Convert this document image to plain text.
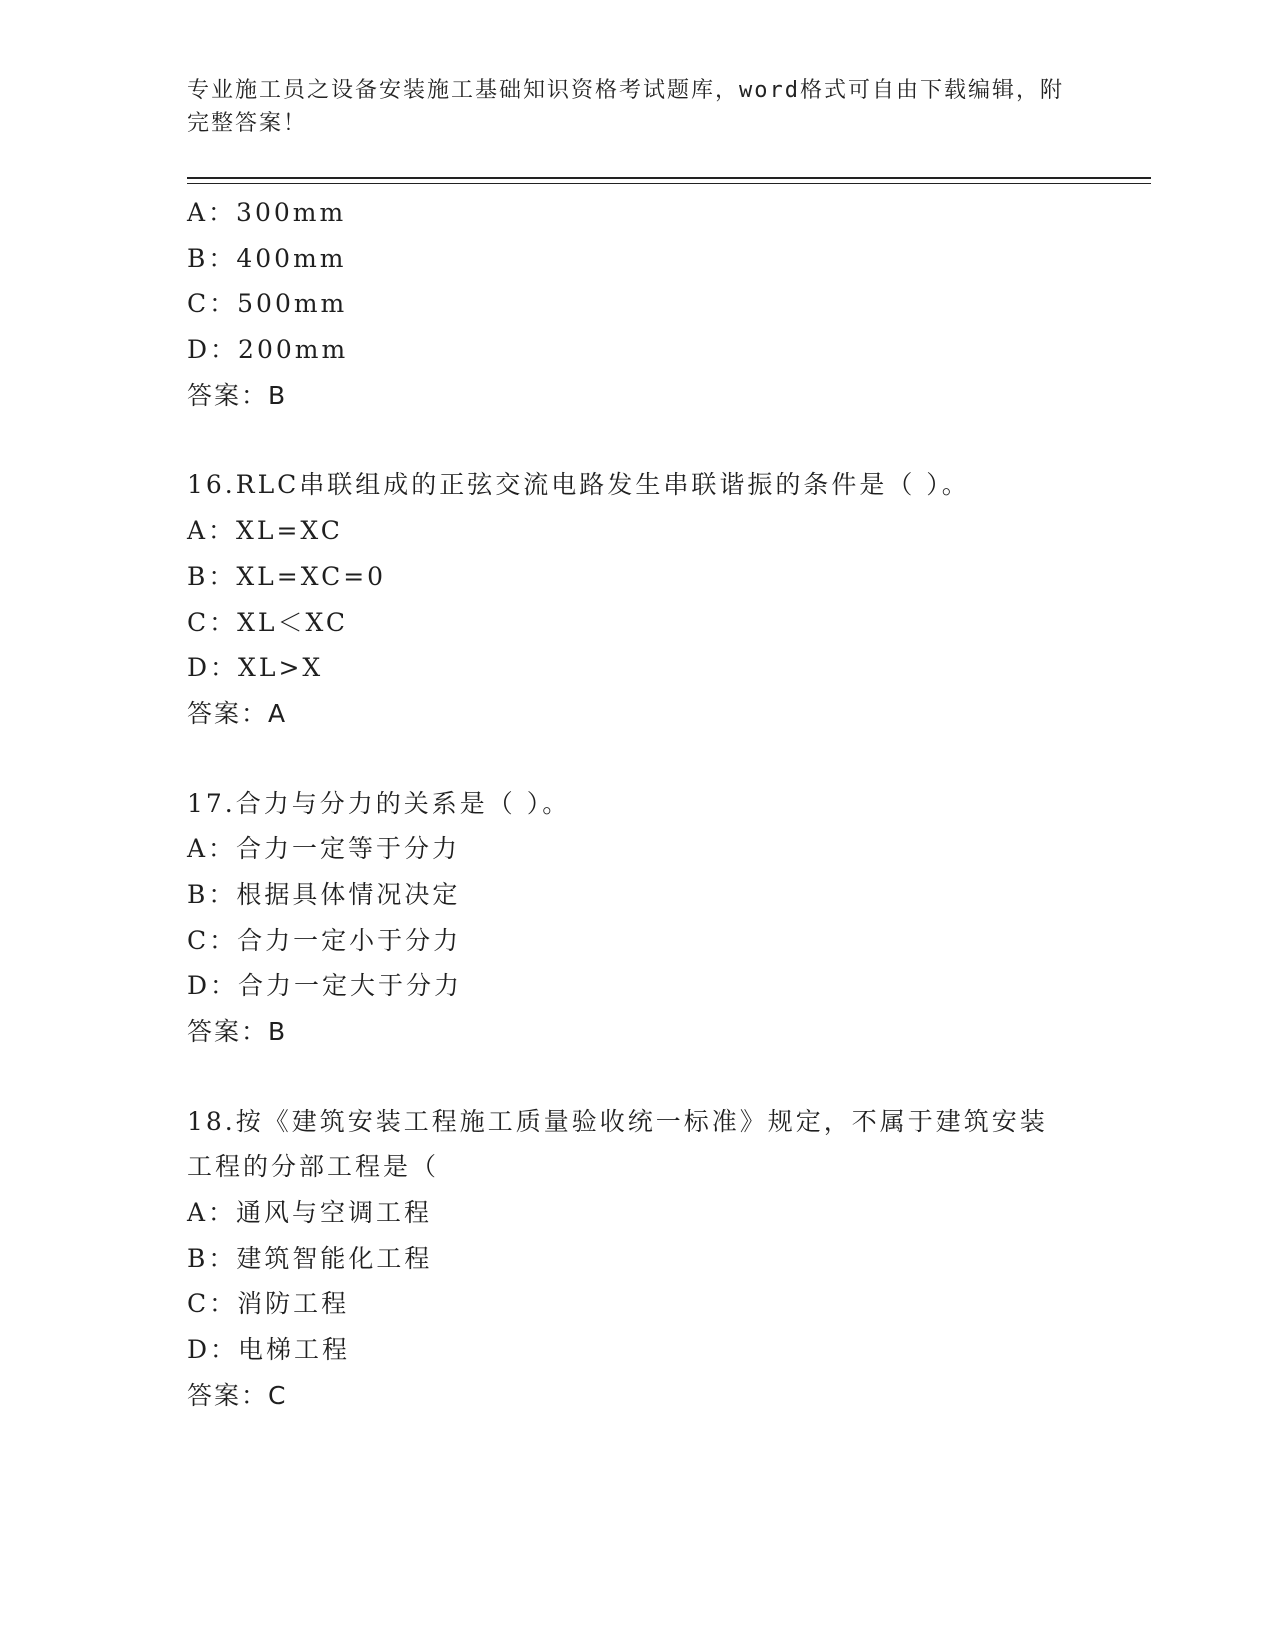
专业施工员之设备安装施工基础知识资格考试题库，word格式可自由下载编辑，附完整答案！
A：300mm
B：400mm
C：500mm
D：200mm
答案：B
16.RLC串联组成的正弦交流电路发生串联谐振的条件是（ ）。
A：XL=XC
B：XL=XC=0
C：XL＜XC
D：XL>X
答案：A
17.合力与分力的关系是（ ）。
A：合力一定等于分力
B：根据具体情况决定
C：合力一定小于分力
D：合力一定大于分力
答案：B
18.按《建筑安装工程施工质量验收统一标准》规定，不属于建筑安装工程的分部工程是（
A：通风与空调工程
B：建筑智能化工程
C：消防工程
D：电梯工程
答案：C
